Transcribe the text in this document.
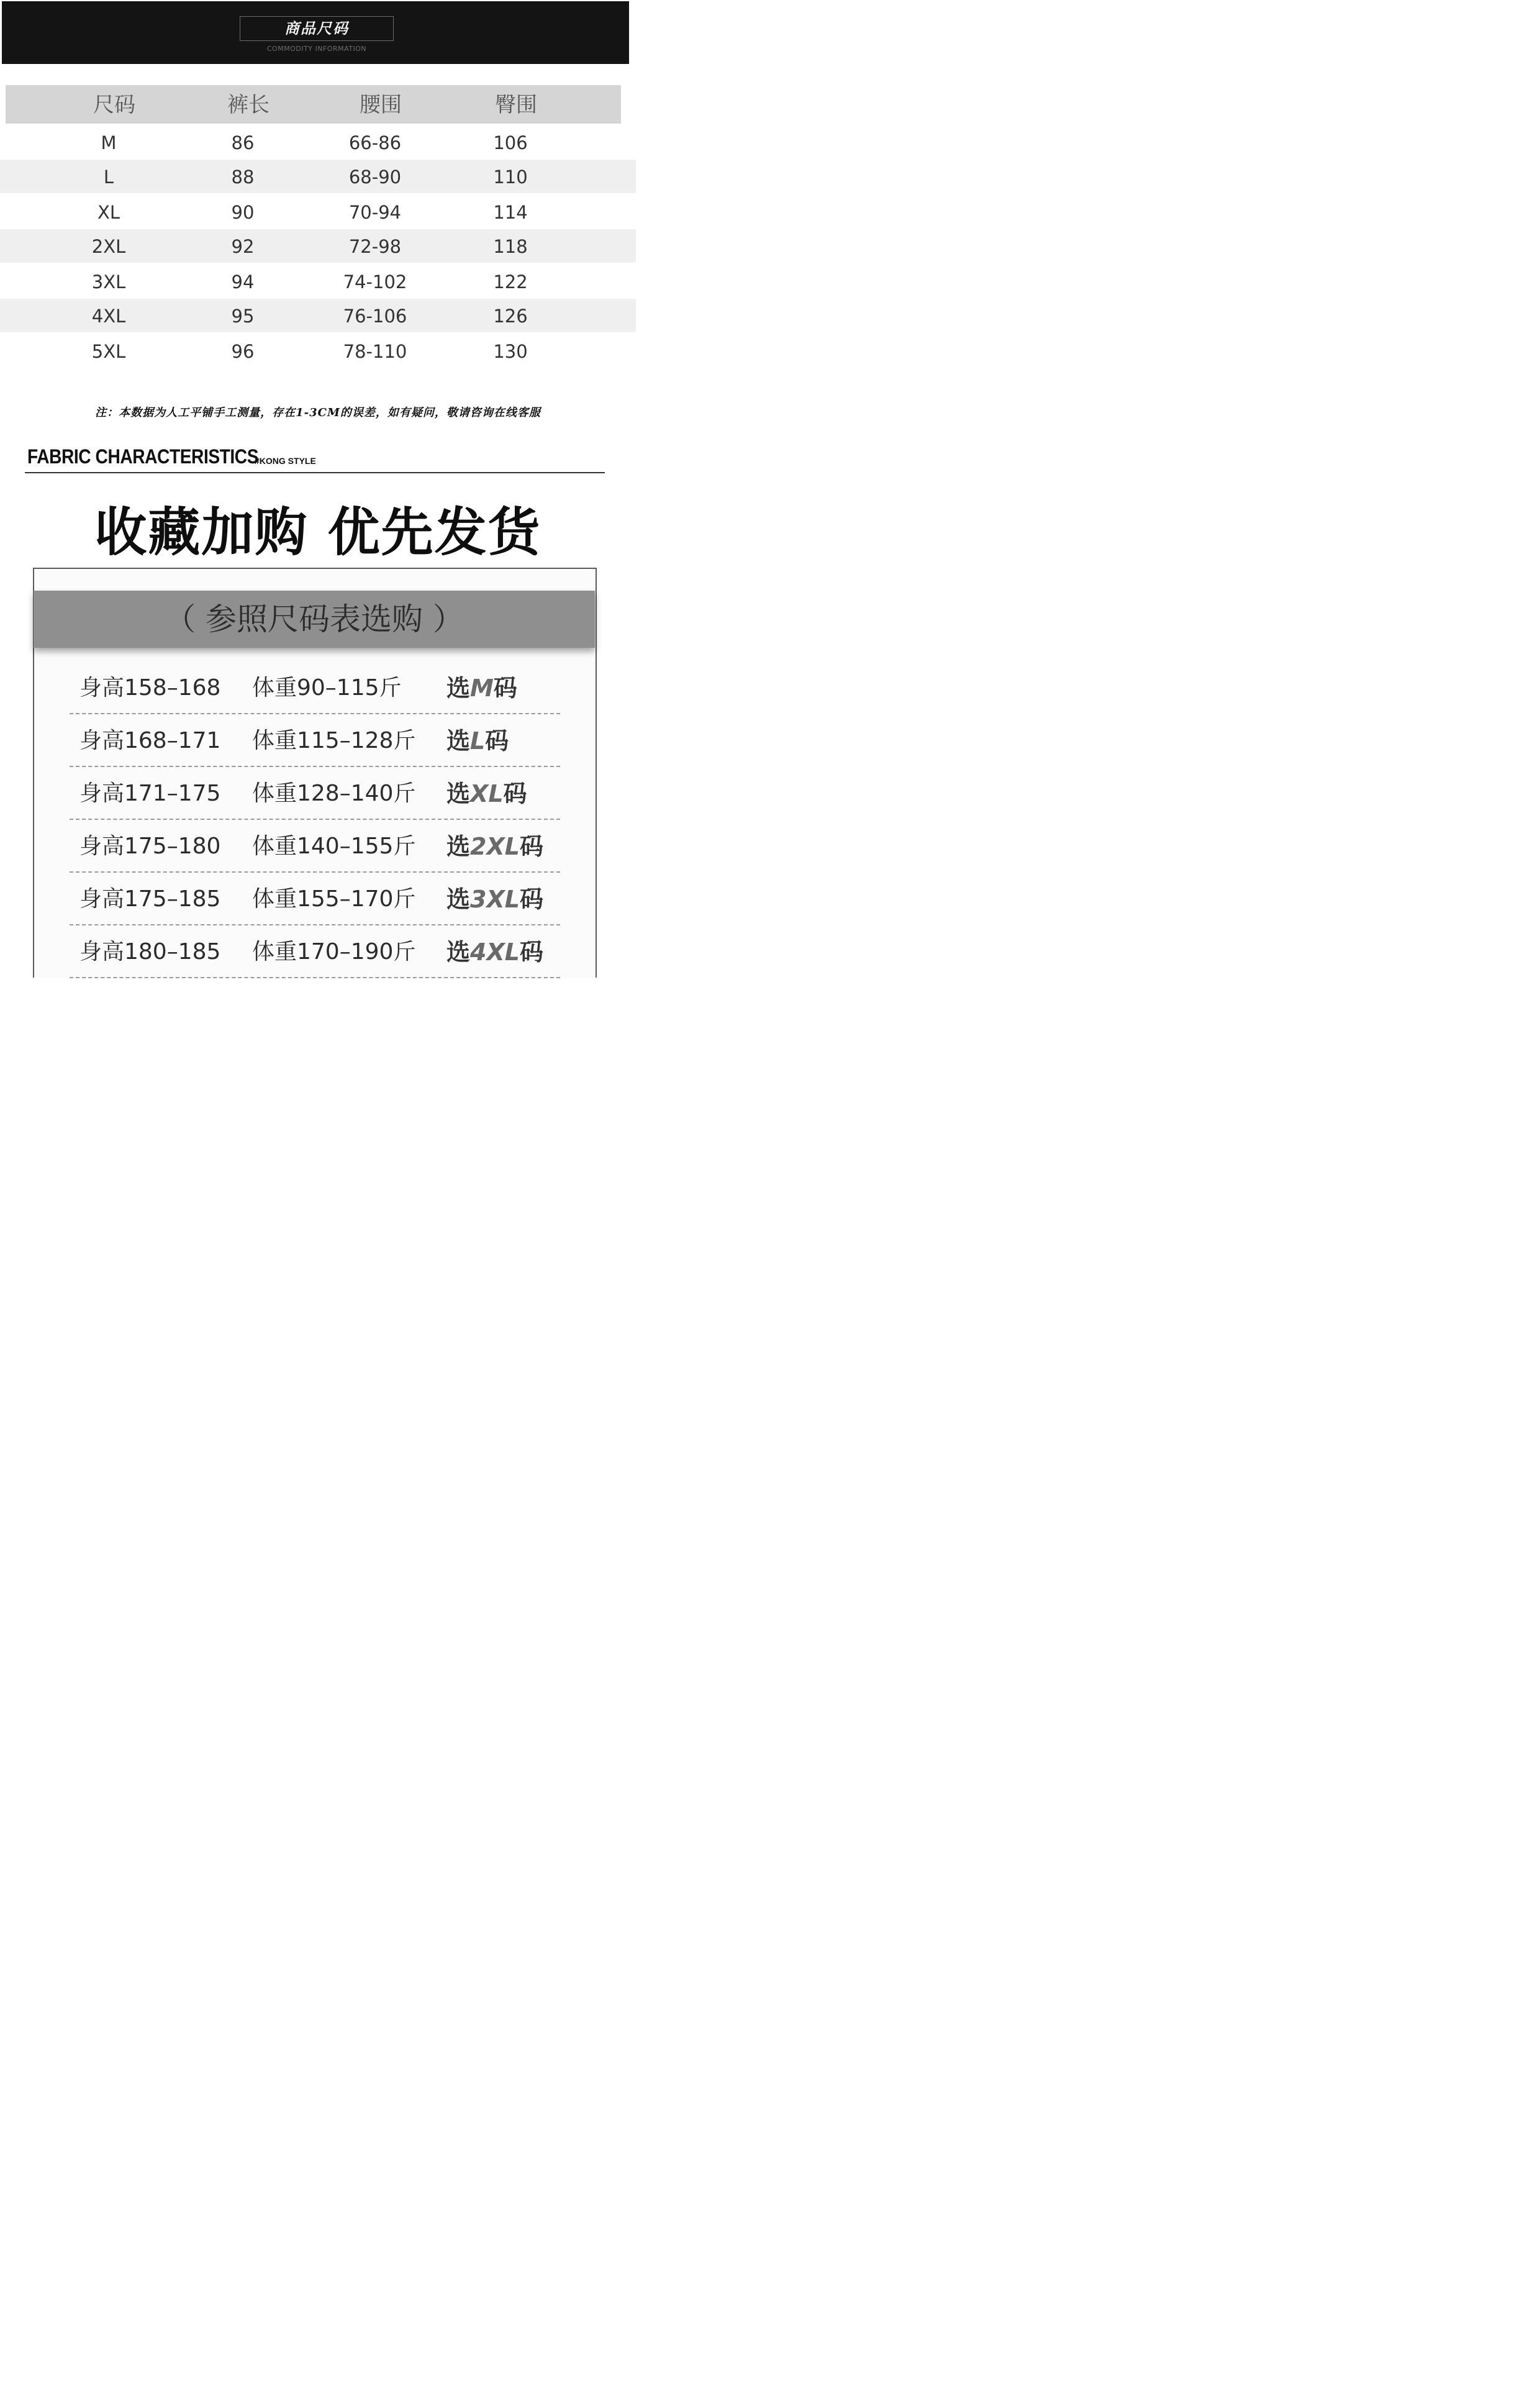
商品尺码
COMMODITY INFORMATION
尺码	裤长	腰围	臀围
M	86	66-86	106
L	88	68-90	110
XL	90	70-94	114
2XL	92	72-98	118
3XL	94	74-102	122
4XL	95	76-106	126
5XL	96	78-110	130
注：本数据为人工平铺手工测量，存在1-3CM的误差，如有疑问，敬请咨询在线客服
FABRIC CHARACTERISTICS
#KONG STYLE
收藏加购 优先发货
（ 参照尺码表选购 ）
身高158–168 体重90–115斤 选M码
身高168–171 体重115–128斤 选L码
身高171–175 体重128–140斤 选XL码
身高175–180 体重140–155斤 选2XL码
身高175–185 体重155–170斤 选3XL码
身高180–185 体重170–190斤 选4XL码
